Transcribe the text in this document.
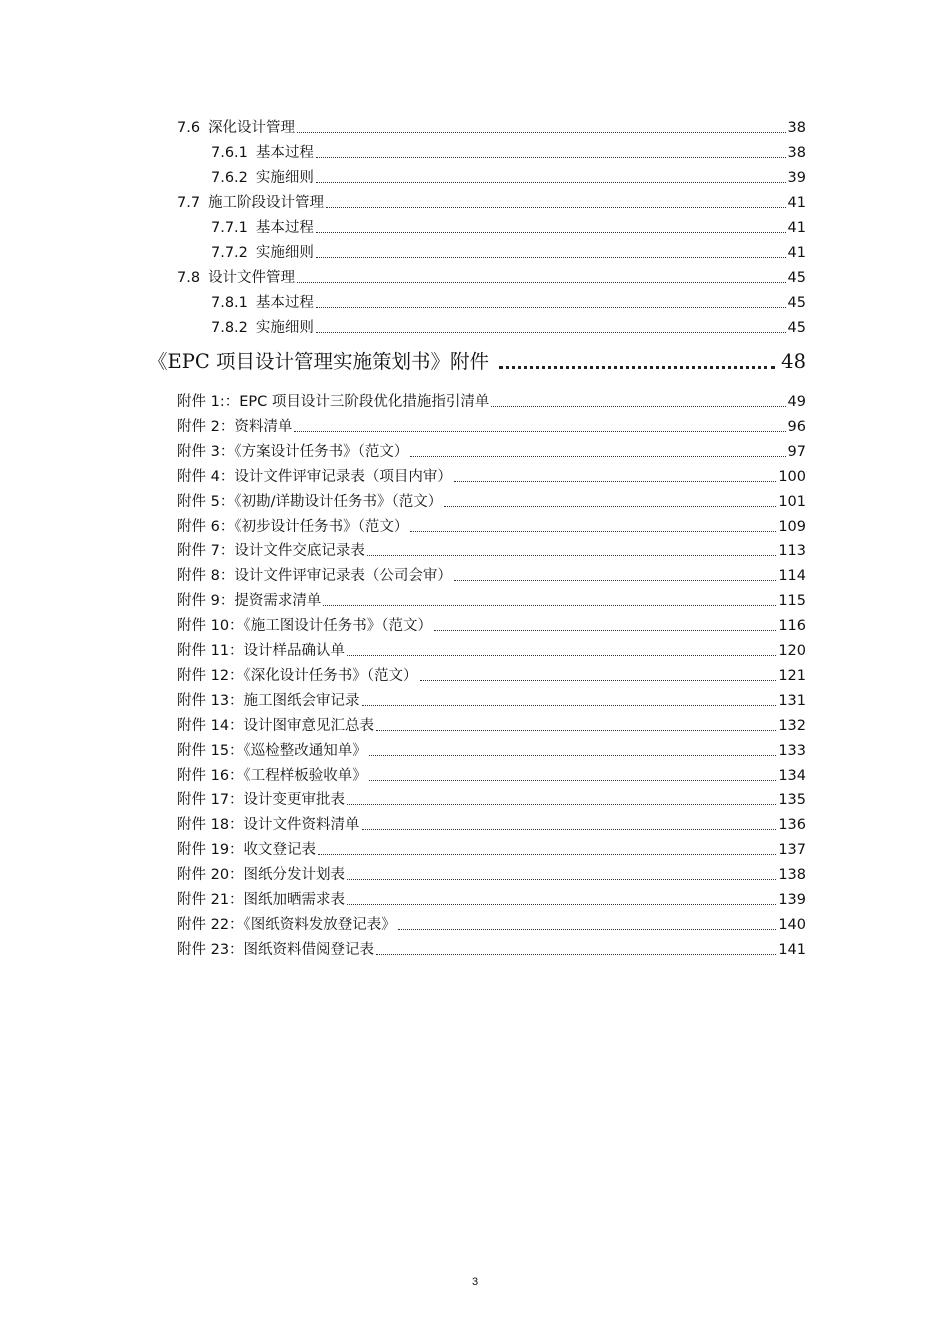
7.6 深化设计管理	38
7.6.1 基本过程	38
7.6.2 实施细则	39
7.7 施工阶段设计管理	41
7.7.1 基本过程	41
7.7.2 实施细则	41
7.8 设计文件管理	45
7.8.1 基本过程	45
7.8.2 实施细则	45
《EPC 项目设计管理实施策划书》附件	48
附件 1:：EPC 项目设计三阶段优化措施指引清单	49
附件 2：资料清单	96
附件 3：《方案设计任务书》（范文）	97
附件 4：设计文件评审记录表（项目内审）	100
附件 5：《初勘/详勘设计任务书》（范文）	101
附件 6：《初步设计任务书》（范文）	109
附件 7：设计文件交底记录表	113
附件 8：设计文件评审记录表（公司会审）	114
附件 9：提资需求清单	115
附件 10：《施工图设计任务书》（范文）	116
附件 11：设计样品确认单	120
附件 12：《深化设计任务书》（范文）	121
附件 13：施工图纸会审记录	131
附件 14：设计图审意见汇总表	132
附件 15：《巡检整改通知单》	133
附件 16：《工程样板验收单》	134
附件 17：设计变更审批表	135
附件 18：设计文件资料清单	136
附件 19：收文登记表	137
附件 20：图纸分发计划表	138
附件 21：图纸加晒需求表	139
附件 22：《图纸资料发放登记表》	140
附件 23：图纸资料借阅登记表	141
3
